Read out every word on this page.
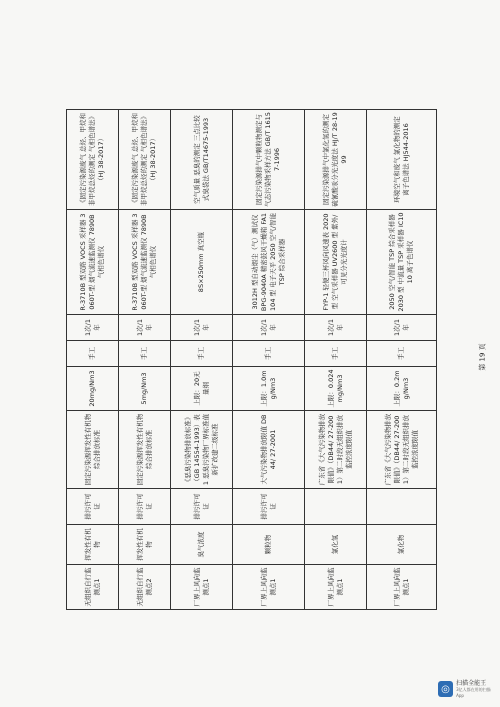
无组织自行监测点1	挥发性有机物	排污许可证	固定污染源挥发性有机物综合排放标准	20mg/Nm3	手工	1次/1年	R-3710B 型双路 VOCS 采样器 3060T-型 烟气流速监测仪 7890B 气相色谱仪	《固定污染源废气 总烃、甲烷和非甲烷总烃的测定 气相色谱法》（HJ 38-2017）
无组织自行监测点2	挥发性有机物	排污许可证	固定污染源挥发性有机物综合排放标准	5mg/Nm3	手工	1次/1年	R-3710B 型双路 VOCS 采样器 3060T-型 烟气流速监测仪 7890B 气相色谱仪	《固定污染源废气 总烃、甲烷和非甲烷总烃的测定 气相色谱法》（HJ 38-2017）
厂界上风向监测点1	臭气浓度	排污许可证	《恶臭污染物排放标准》（GB 14554-1993）表 1 恶臭污染物厂界标准值新扩改建二级标准	上限：20无量纲	手工	1次/1年	8S×250mm 真空瓶	空气质量 恶臭的测定 三点比较式臭袋法 GB/T14675-1993
厂界上风向监测点1	颗粒物	排污许可证	大气污染物排放限值 DB44/ 27-2001	上限：1.0mg/Nm3	手工	1次/1年	3012H 型自动烟尘（气）测试仪 BPG-9040A 精密鼓风干燥箱 FA1104 型 电子天平 2050 空气/智能 TSP 综合采样器	固定污染源排气中颗粒物测定与气态污染物采样方法 GB/T 16157-1996
厂界上风向监测点1	氯化氢		广东省《大气污染物排放限值》（DB44/ 27-2001）第二时段无组织排放监控浓度限值	上限：0.024mg/Nm3	手工	1次/1年	FYP-1 轻便三杯风向风速表 2020 型 空气采样器 UV2600 型 紫外/可见分光光度计	固定污染源排气中氯化氢的测定 硫氰酸汞分光光度法 HJ/T 28-1999
厂界上风向监测点1	氯化物		广东省《大气污染物排放限值》（DB44/ 27-2001）第二时段无组织排放监控浓度限值	上限：0.2mg/Nm3	手工	1次/1年	2050 空气/智能 TSP 综合采样器 2030 型 中流量 TSP 采样器 IC1010 离子色谱仪	环境空气和废气 氯化物的测定 离子色谱法 HJ544-2016
第 19 页
◎	扫描全能王
3亿人都在用的扫描App
